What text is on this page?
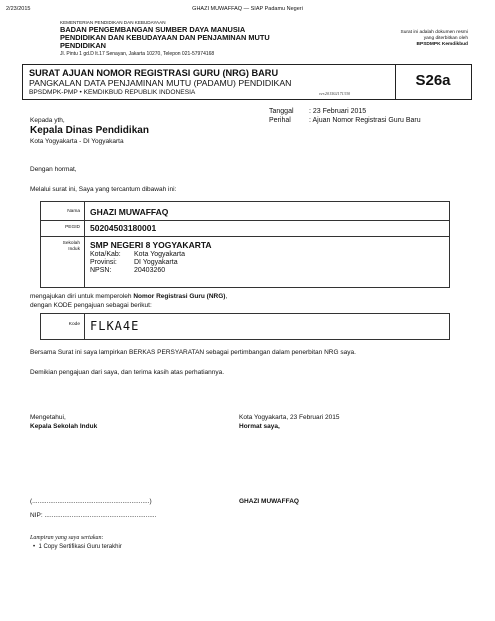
2/23/2015	GHAZI MUWAFFAQ — SIAP Padamu Negeri
KEMENTERIAN PENDIDIKAN DAN KEBUDAYAAN
BADAN PENGEMBANGAN SUMBER DAYA MANUSIA
PENDIDIKAN DAN KEBUDAYAAN DAN PENJAMINAN MUTU
PENDIDIKAN
Jl. Pintu 1 gd.D lt.17 Senayan, Jakarta 10270, Telepon 021-57974168
Surat ini adalah dokumen resmi
yang diterbitkan oleh
BPSDMPK Kemdikbud
SURAT AJUAN NOMOR REGISTRASI GURU (NRG) BARU
PANGKALAN DATA PENJAMINAN MUTU (PADAMU) PENDIDIKAN
BPSDMPK-PMP • KEMDIKBUD REPUBLIK INDONESIA	ver.201502171330
S26a
Tanggal : 23 Februari 2015
Perihal	: Ajuan Nomor Registrasi Guru Baru
Kepada yth,
Kepala Dinas Pendidikan
Kota Yogyakarta - DI Yogyakarta
Dengan hormat,
Melalui surat ini, Saya yang tercantum dibawah ini:
Nama GHAZI MUWAFFAQ
PEGID 50204503180001
Sekolah
Induk SMP NEGERI 8 YOGYAKARTA
Kota/Kab: Kota Yogyakarta
Provinsi: DI Yogyakarta
NPSN:	20403260
mengajukan diri untuk memperoleh Nomor Registrasi Guru (NRG),
dengan KODE pengajuan sebagai berikut:
Kode FLKA4E
Bersama Surat ini saya lampirkan BERKAS PERSYARATAN sebagai pertimbangan dalam penerbitan NRG saya.
Demikian pengajuan dari saya, dan terima kasih atas perhatiannya.
Mengetahui,
Kepala Sekolah Induk
Kota Yogyakarta, 23 Februari 2015
Hormat saya,
(.................................................................)
NIP: ..............................................................
GHAZI MUWAFFAQ
Lampiran yang saya sertakan:
•  1 Copy Sertifikasi Guru terakhir
